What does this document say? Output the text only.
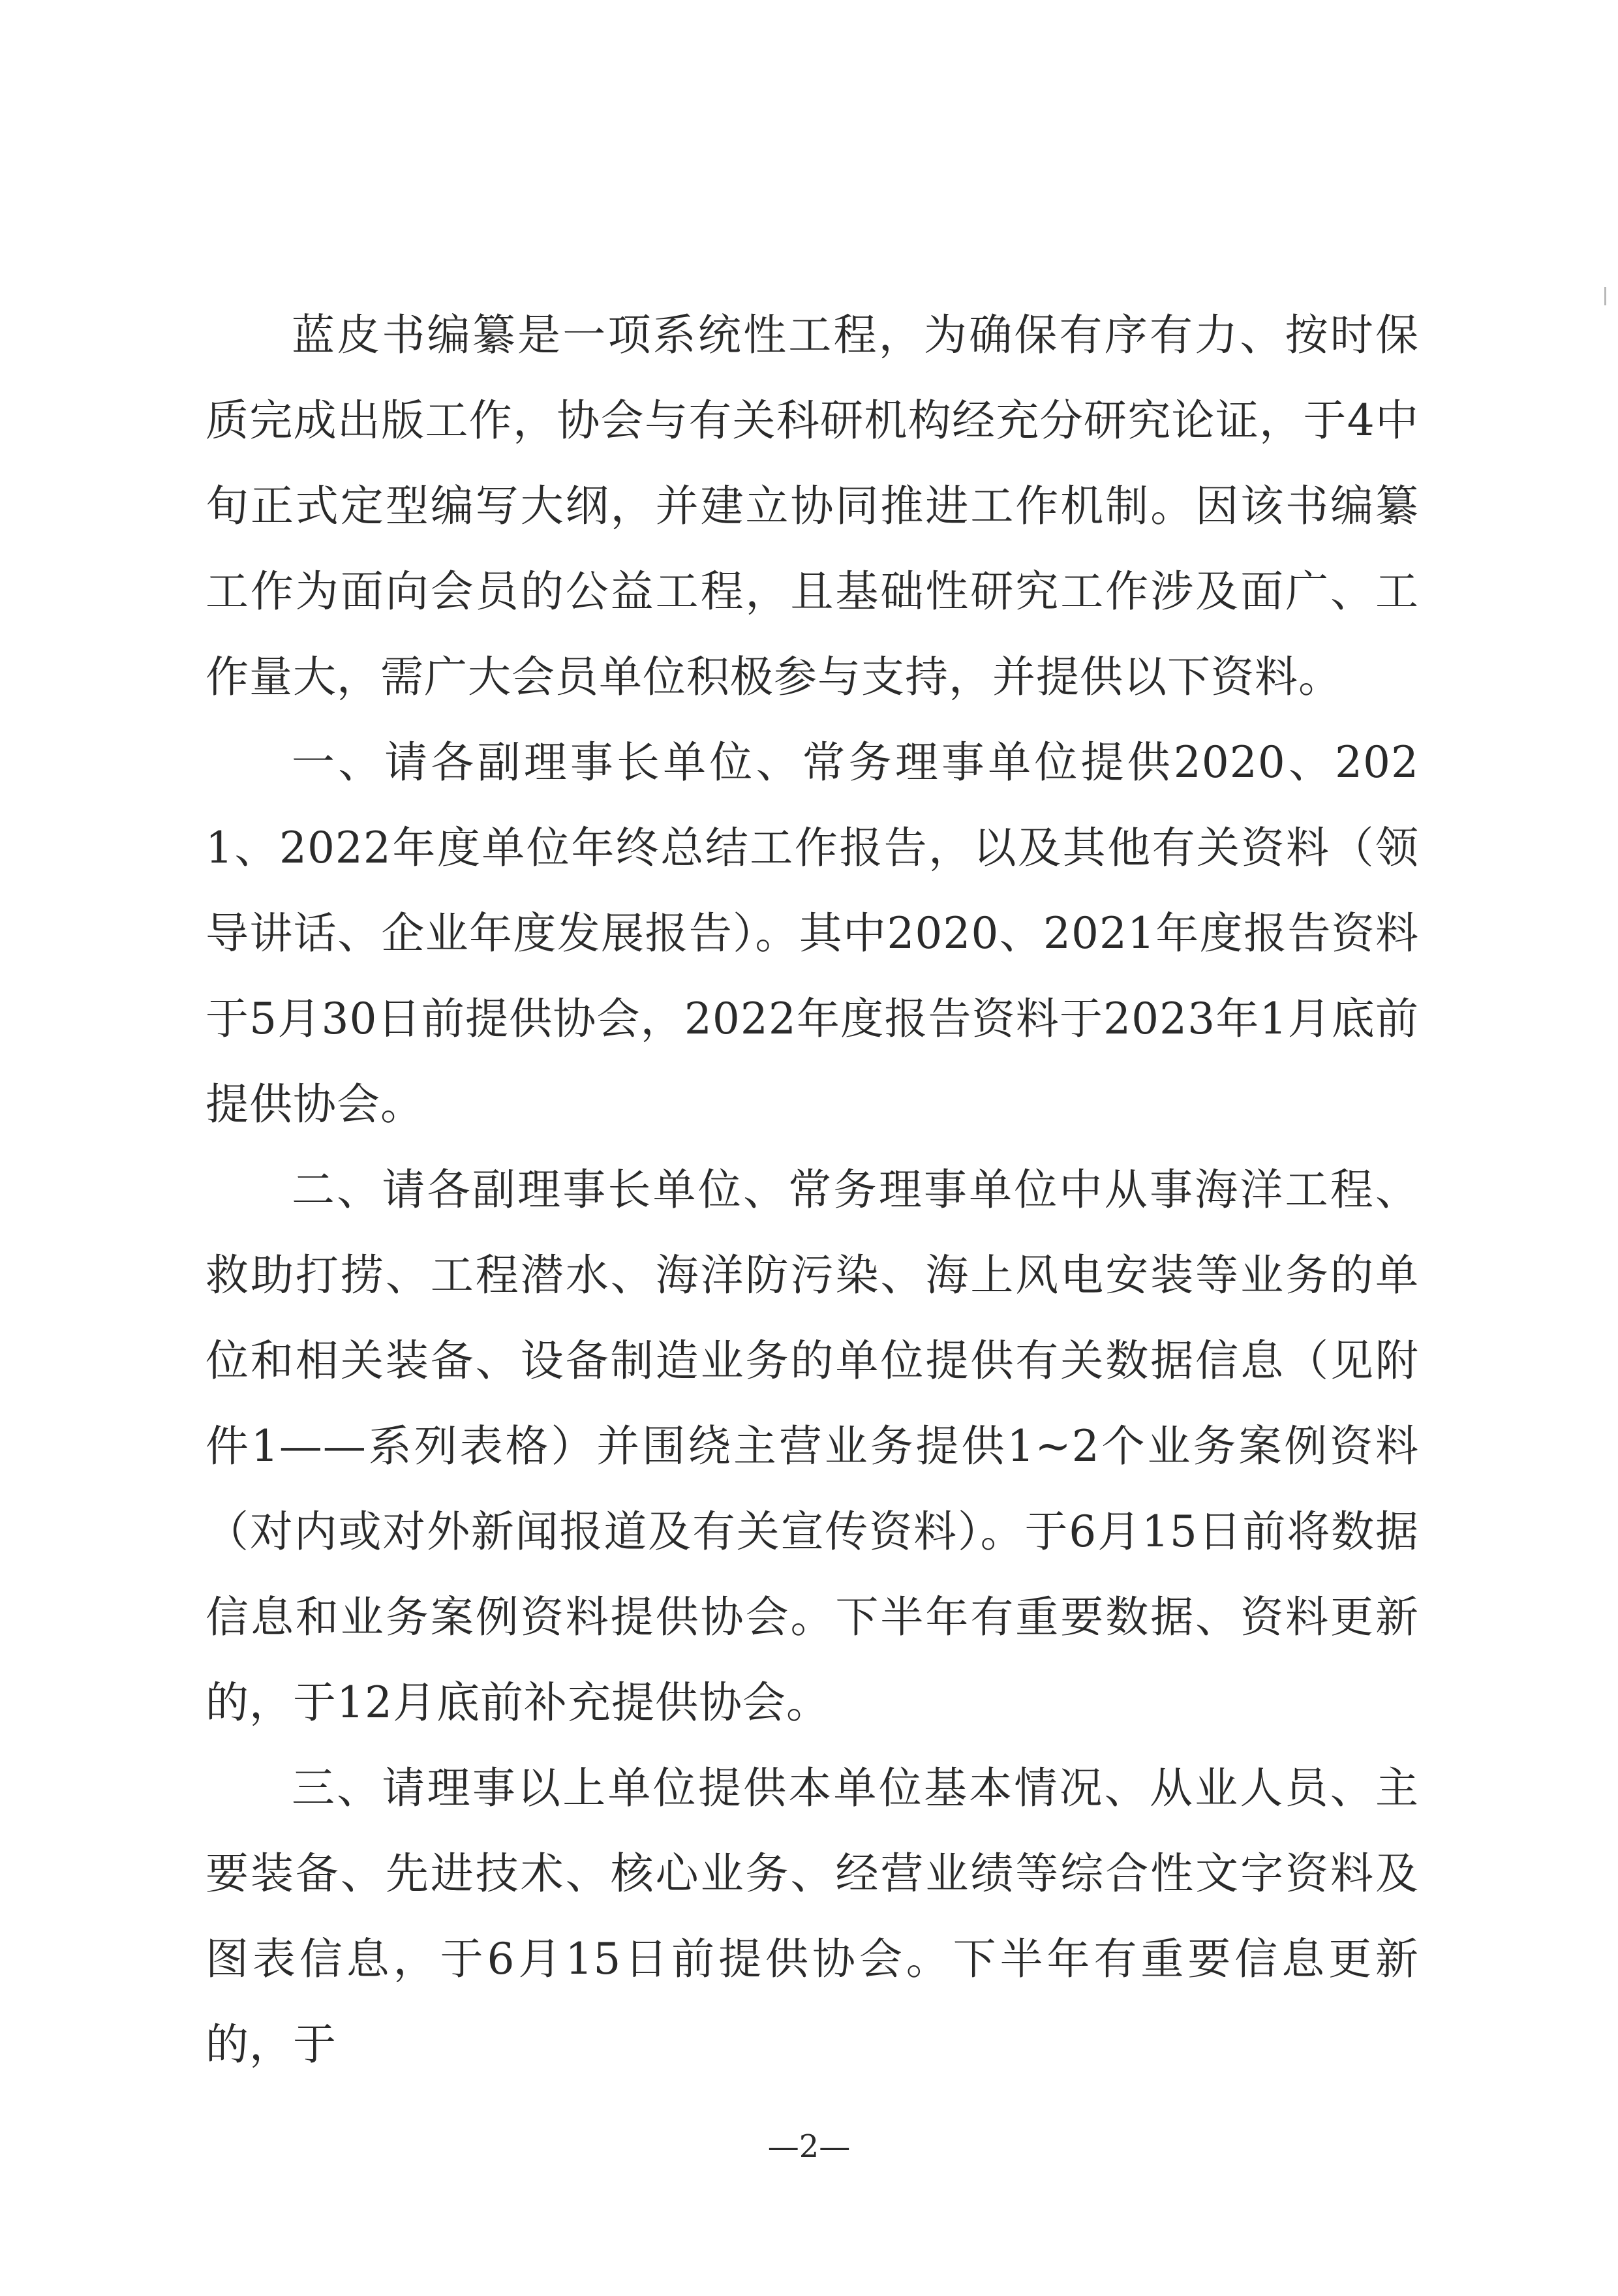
蓝皮书编纂是一项系统性工程，为确保有序有力、按时保质完成出版工作，协会与有关科研机构经充分研究论证，于4中旬正式定型编写大纲，并建立协同推进工作机制。因该书编纂工作为面向会员的公益工程，且基础性研究工作涉及面广、工作量大，需广大会员单位积极参与支持，并提供以下资料。

一、请各副理事长单位、常务理事单位提供2020、2021、2022年度单位年终总结工作报告，以及其他有关资料（领导讲话、企业年度发展报告）。其中2020、2021年度报告资料于5月30日前提供协会，2022年度报告资料于2023年1月底前提供协会。

二、请各副理事长单位、常务理事单位中从事海洋工程、救助打捞、工程潜水、海洋防污染、海上风电安装等业务的单位和相关装备、设备制造业务的单位提供有关数据信息（见附件1——系列表格）并围绕主营业务提供1~2个业务案例资料（对内或对外新闻报道及有关宣传资料）。于6月15日前将数据信息和业务案例资料提供协会。下半年有重要数据、资料更新的，于12月底前补充提供协会。

三、请理事以上单位提供本单位基本情况、从业人员、主要装备、先进技术、核心业务、经营业绩等综合性文字资料及图表信息，于6月15日前提供协会。下半年有重要信息更新的，于

—2—
